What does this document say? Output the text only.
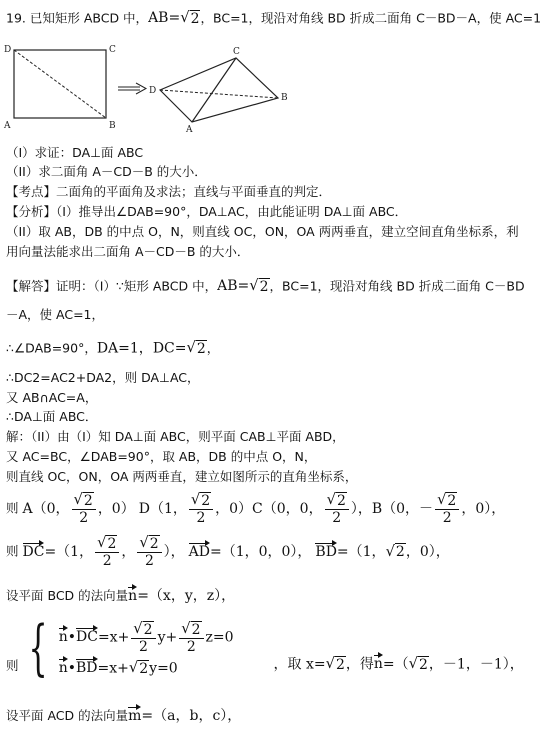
19. 已知矩形 ABCD 中，AB= √ 2 ，BC=1，现沿对角线 BD 折成二面角 C－BD－A，使 AC=1
D
A	B
C	C
D
B
A
（I）求证：DA⊥面 ABC
（II）求二面角 A－CD－B 的大小．
【考点】二面角的平面角及求法；直线与平面垂直的判定．
【分析】（I）推导出∠DAB=90°，DA⊥AC，由此能证明 DA⊥面 ABC．
（II）取 AB，DB 的中点 O，N，则直线 OC，ON，OA 两两垂直，建立空间直角坐标系，利
用向量法能求出二面角 A－CD－B 的大小．
【解答】证明：（I）∵矩形 ABCD 中，AB= √ 2 ，BC=1，现沿对角线 BD 折成二面角 C－BD
－A，使 AC=1，
∴∠DAB=90°，DA=1，DC= √ 2 ，
∴DC2=AC2+DA2，则 DA⊥AC，
又 AB∩AC=A，
∴DA⊥面 ABC．
解：（II）由（I）知 DA⊥面 ABC，则平面 CAB⊥平面 ABD，
又 AC=BC，∠DAB=90°，取 AB，DB 的中点 O，N，
则直线 OC，ON，OA 两两垂直，建立如图所示的直角坐标系，
则 A（0， $\frac{√ 2}{2}$ ，0） D（1， $\frac{√ 2}{2}$ ，0）C（0，0， $\frac{√ 2}{2}$ ），B（0，－ $\frac{√ 2}{2}$ ，0），
则 DC=（1， $\frac{√ 2}{2}$ ， $\frac{√ 2}{2}$ ）， AD=（1，0，0）， BD=（1， √ 2 ，0），
设平面 BCD 的法向量n=（x，y，z），
则 { n•DC=x+ $\frac{√ 2}{2} y+ \frac{√ 2}{2} z=0$
n•BD=x+ √ 2 y=0	，取 x= √ 2 ，得n=（ √ 2 ，－1，－1），
设平面 ACD 的法向量m=（a，b，c），
